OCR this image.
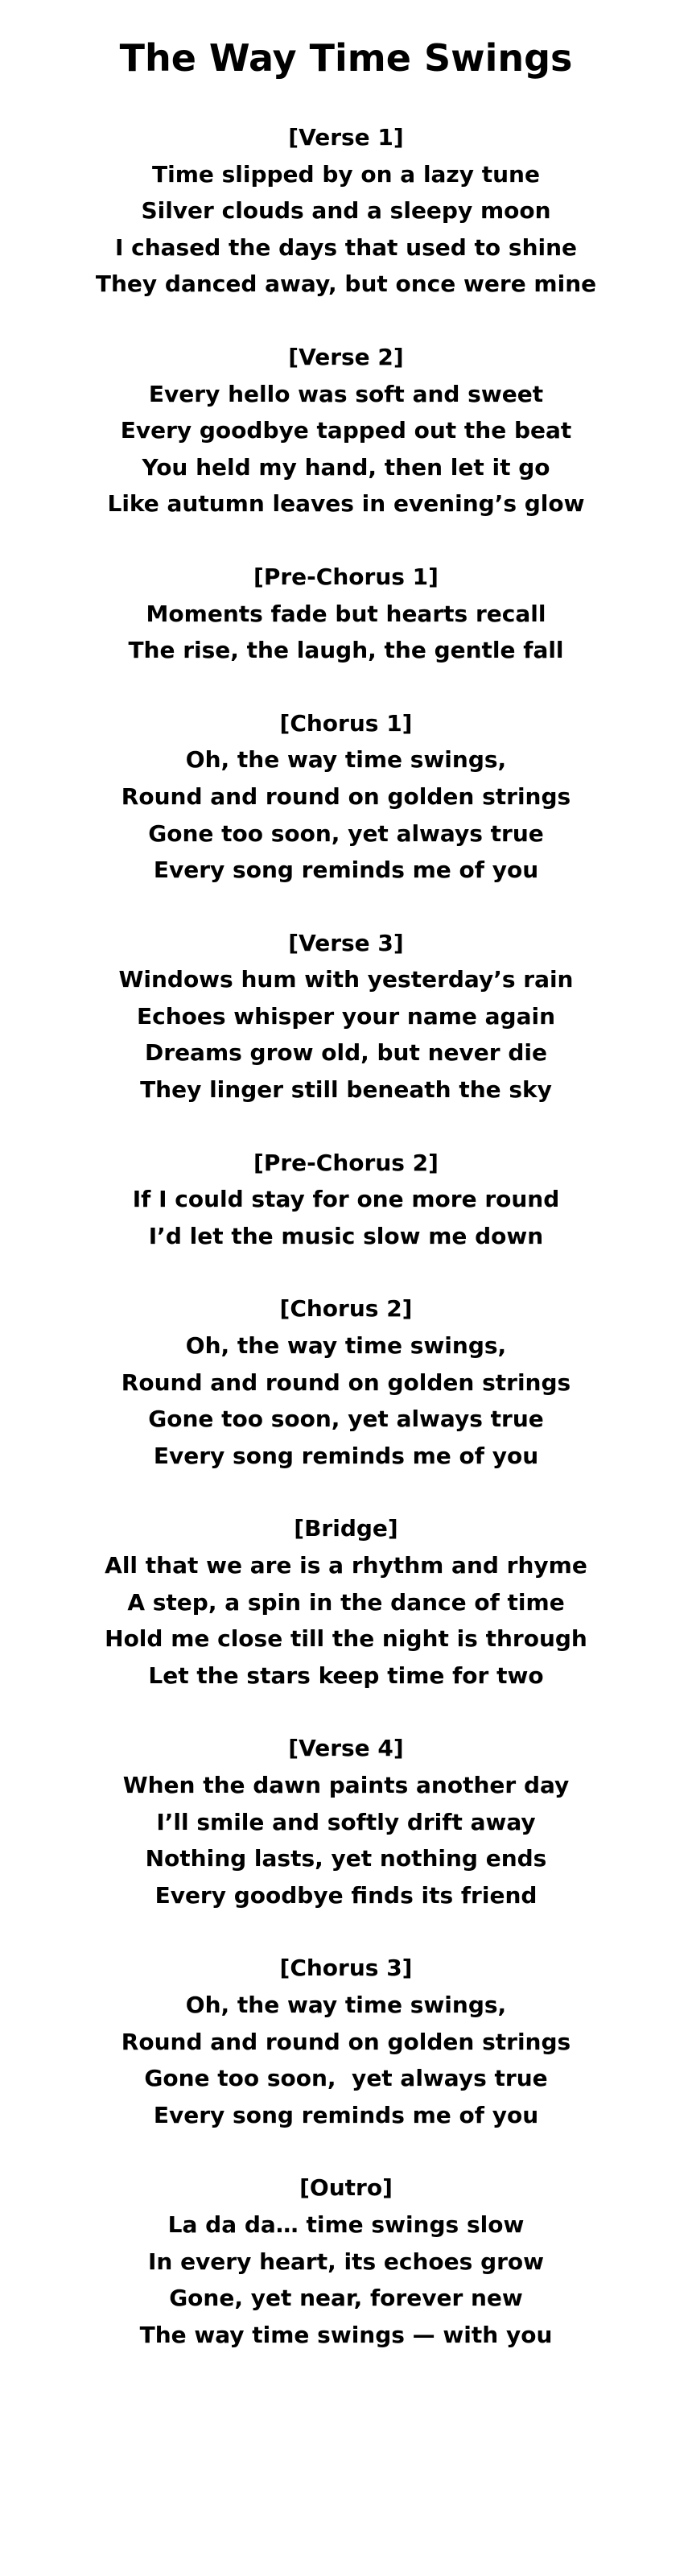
The Way Time Swings
[Verse 1]
Time slipped by on a lazy tune
Silver clouds and a sleepy moon
I chased the days that used to shine
They danced away, but once were mine
[Verse 2]
Every hello was soft and sweet
Every goodbye tapped out the beat
You held my hand, then let it go
Like autumn leaves in evening’s glow
[Pre-Chorus 1]
Moments fade but hearts recall
The rise, the laugh, the gentle fall
[Chorus 1]
Oh, the way time swings,
Round and round on golden strings
Gone too soon, yet always true
Every song reminds me of you
[Verse 3]
Windows hum with yesterday’s rain
Echoes whisper your name again
Dreams grow old, but never die
They linger still beneath the sky
[Pre-Chorus 2]
If I could stay for one more round
I’d let the music slow me down
[Chorus 2]
Oh, the way time swings,
Round and round on golden strings
Gone too soon, yet always true
Every song reminds me of you
[Bridge]
All that we are is a rhythm and rhyme
A step, a spin in the dance of time
Hold me close till the night is through
Let the stars keep time for two
[Verse 4]
When the dawn paints another day
I’ll smile and softly drift away
Nothing lasts, yet nothing ends
Every goodbye finds its friend
[Chorus 3]
Oh, the way time swings,
Round and round on golden strings
Gone too soon,  yet always true
Every song reminds me of you
[Outro]
La da da… time swings slow
In every heart, its echoes grow
Gone, yet near, forever new
The way time swings — with you
